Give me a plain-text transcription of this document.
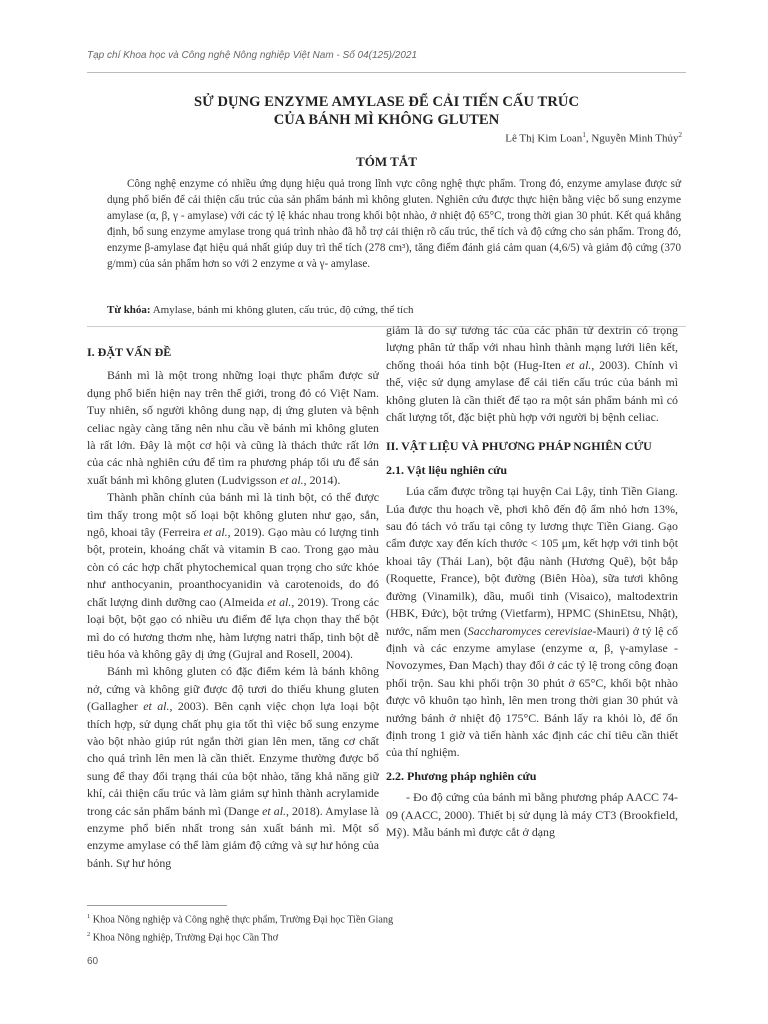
Tạp chí Khoa học và Công nghệ Nông nghiệp Việt Nam - Số 04(125)/2021
SỬ DỤNG ENZYME AMYLASE ĐỂ CẢI TIẾN CẤU TRÚC
CỦA BÁNH MÌ KHÔNG GLUTEN
Lê Thị Kim Loan$^1$, Nguyễn Minh Thủy$^2$
TÓM TẮT

Công nghệ enzyme có nhiều ứng dụng hiệu quả trong lĩnh vực công nghệ thực phẩm. Trong đó, enzyme amylase được sử dụng phổ biến để cải thiện cấu trúc của sản phẩm bánh mì không gluten. Nghiên cứu được thực hiện bằng việc bổ sung enzyme amylase (α, β, γ - amylase) với các tỷ lệ khác nhau trong khối bột nhào, ở nhiệt độ 65°C, trong thời gian 30 phút. Kết quả khẳng định, bổ sung enzyme amylase trong quá trình nhào đã hỗ trợ cải thiện rõ cấu trúc, thể tích và độ cứng cho sản phẩm. Trong đó, enzyme β-amylase đạt hiệu quả nhất giúp duy trì thể tích (278 cm³), tăng điểm đánh giá cảm quan (4,6/5) và giảm độ cứng (370 g/mm) của sản phẩm hơn so với 2 enzyme α và γ- amylase.

Từ khóa: Amylase, bánh mì không gluten, cấu trúc, độ cứng, thể tích

I. ĐẶT VẤN ĐỀ

Bánh mì là một trong những loại thực phẩm được sử dụng phổ biến hiện nay trên thế giới, trong đó có Việt Nam. Tuy nhiên, số người không dung nạp, dị ứng gluten và bệnh celiac ngày càng tăng nên nhu cầu về bánh mì không gluten là rất lớn. Đây là một cơ hội và cũng là thách thức rất lớn của các nhà nghiên cứu để tìm ra phương pháp tối ưu để sản xuất bánh mì không gluten (Ludvigsson et al., 2014).

Thành phần chính của bánh mì là tinh bột, có thể được tìm thấy trong một số loại bột không gluten như gạo, sắn, ngô, khoai tây (Ferreira et al., 2019). Gạo màu có lượng tinh bột, protein, khoáng chất và vitamin B cao. Trong gạo màu còn có các hợp chất phytochemical quan trọng cho sức khỏe như anthocyanin, proanthocyanidin và carotenoids, do đó chất lượng dinh dưỡng cao (Almeida et al., 2019). Trong các loại bột, bột gạo có nhiều ưu điểm để lựa chọn thay thế bột mì do có hương thơm nhẹ, hàm lượng natri thấp, tinh bột dễ tiêu hóa và không gây dị ứng (Gujral and Rosell, 2004).

Bánh mì không gluten có đặc điểm kém là bánh không nở, cứng và không giữ được độ tươi do thiếu khung gluten (Gallagher et al., 2003). Bên cạnh việc chọn lựa loại bột thích hợp, sử dụng chất phụ gia tốt thì việc bổ sung enzyme vào bột nhào giúp rút ngắn thời gian lên men, tăng cơ chất cho quá trình lên men là cần thiết. Enzyme thường được bổ sung để thay đổi trạng thái của bột nhào, tăng khả năng giữ khí, cải thiện cấu trúc và làm giảm sự hình thành acrylamide trong các sản phẩm bánh mì (Dange et al., 2018). Amylase là enzyme phổ biến nhất trong sản xuất bánh mì. Một số enzyme amylase có thể làm giảm độ cứng và sự hư hỏng của bánh. Sự hư hỏng

giảm là do sự tương tác của các phân tử dextrin có trọng lượng phân tử thấp với nhau hình thành mạng lưới liên kết, chống thoái hóa tinh bột (Hug-Iten et al., 2003). Chính vì thế, việc sử dụng amylase để cải tiến cấu trúc của bánh mì không gluten là cần thiết để tạo ra một sản phẩm bánh mì có chất lượng tốt, đặc biệt phù hợp với người bị bệnh celiac.

II. VẬT LIỆU VÀ PHƯƠNG PHÁP NGHIÊN CỨU
2.1. Vật liệu nghiên cứu

Lúa cẩm được trồng tại huyện Cai Lậy, tỉnh Tiền Giang. Lúa được thu hoạch về, phơi khô đến độ ẩm nhỏ hơn 13%, sau đó tách vỏ trấu tại công ty lương thực Tiền Giang. Gạo cẩm được xay đến kích thước < 105 μm, kết hợp với tinh bột khoai tây (Thái Lan), bột đậu nành (Hương Quê), bột bắp (Roquette, France), bột đường (Biên Hòa), sữa tươi không đường (Vinamilk), dầu, muối tinh (Visaico), maltodextrin (HBK, Đức), bột trứng (Vietfarm), HPMC (ShinEtsu, Nhật), nước, nấm men (Saccharomyces cerevisiae-Mauri) ở tỷ lệ cố định và các enzyme amylase (enzyme α, β, γ-amylase -Novozymes, Đan Mạch) thay đổi ở các tỷ lệ trong công đoạn phối trộn. Sau khi phối trộn 30 phút ở 65°C, khối bột nhào được vô khuôn tạo hình, lên men trong thời gian 30 phút và nướng bánh ở nhiệt độ 175°C. Bánh lấy ra khỏi lò, để ổn định trong 1 giờ và tiến hành xác định các chỉ tiêu cần thiết của thí nghiệm.

2.2. Phương pháp nghiên cứu

- Đo độ cứng của bánh mì bằng phương pháp AACC 74-09 (AACC, 2000). Thiết bị sử dụng là máy CT3 (Brookfield, Mỹ). Mẫu bánh mì được cắt ở dạng

$^1$ Khoa Nông nghiệp và Công nghệ thực phẩm, Trường Đại học Tiền Giang
$^2$ Khoa Nông nghiệp, Trường Đại học Cần Thơ
60
